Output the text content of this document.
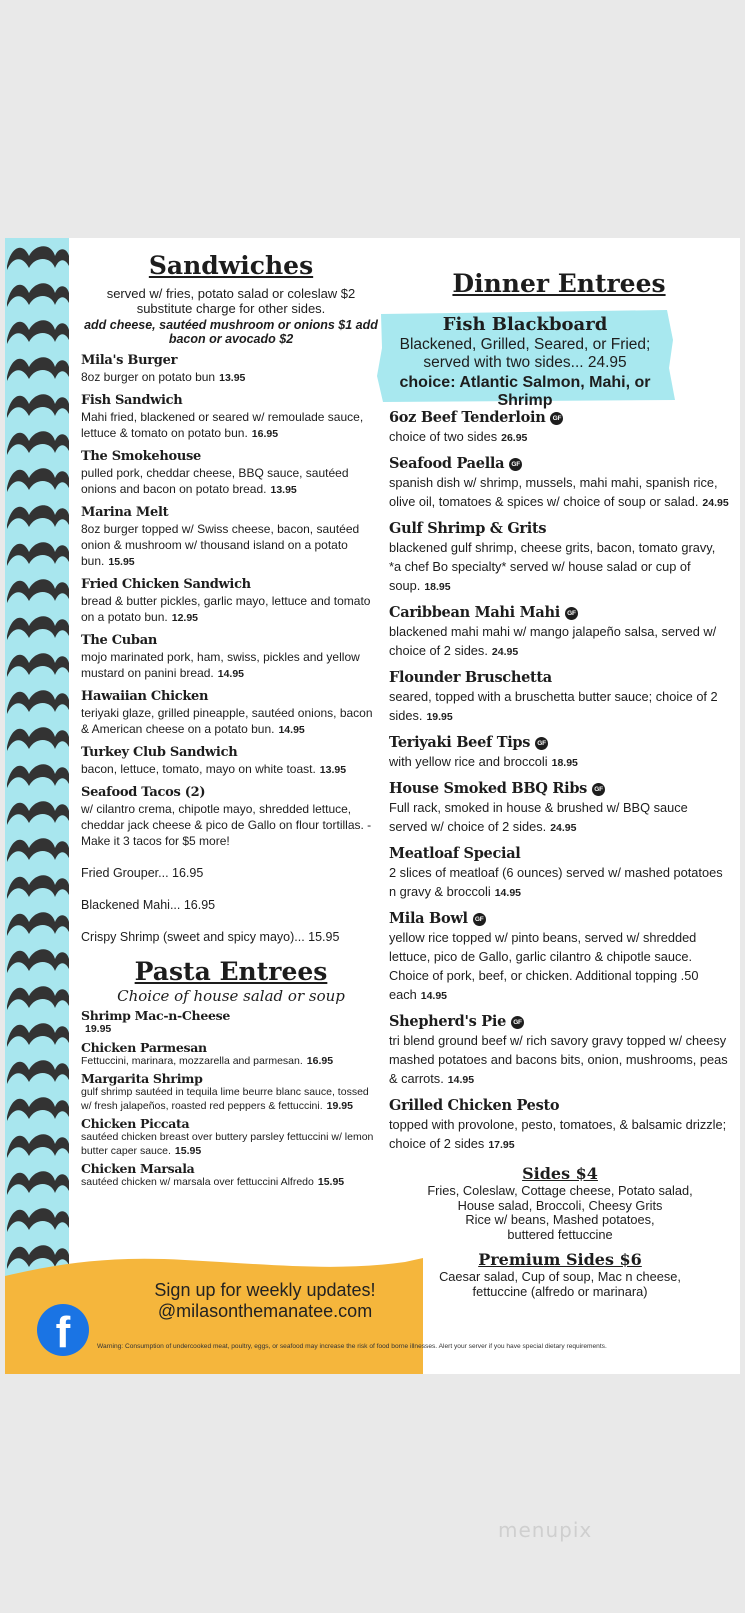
Sign up for weekly updates!
@milasonthemanatee.com
f	Warning: Consumption of undercooked meat, poultry, eggs, or seafood may increase the risk of food borne illnesses. Alert your server if you have special dietary requirements.
Sandwiches
served w/ fries, potato salad or coleslaw $2 substitute charge for other sides.
add cheese, sautéed mushroom or onions $1 add bacon or avocado $2
Mila's Burger
8oz burger on potato bun 13.95
Fish Sandwich
Mahi fried, blackened or seared w/ remoulade sauce, lettuce & tomato on potato bun. 16.95
The Smokehouse
pulled pork, cheddar cheese, BBQ sauce, sautéed onions and bacon on potato bread. 13.95
Marina Melt
8oz burger topped w/ Swiss cheese, bacon, sautéed onion & mushroom w/ thousand island on a potato bun. 15.95
Fried Chicken Sandwich
bread & butter pickles, garlic mayo, lettuce and tomato on a potato bun. 12.95
The Cuban
mojo marinated pork, ham, swiss, pickles and yellow mustard on panini bread. 14.95
Hawaiian Chicken
teriyaki glaze, grilled pineapple, sautéed onions, bacon & American cheese on a potato bun. 14.95
Turkey Club Sandwich
bacon, lettuce, tomato, mayo on white toast. 13.95
Seafood Tacos (2)
w/ cilantro crema, chipotle mayo, shredded lettuce, cheddar jack cheese & pico de Gallo on flour tortillas. -
Make it 3 tacos for $5 more!
Fried Grouper... 16.95
Blackened Mahi... 16.95
Crispy Shrimp (sweet and spicy mayo)... 15.95
Pasta Entrees
Choice of house salad or soup
Shrimp Mac-n-Cheese
19.95
Chicken Parmesan
Fettuccini, marinara, mozzarella and parmesan. 16.95
Margarita Shrimp
gulf shrimp sautéed in tequila lime beurre blanc sauce, tossed w/ fresh jalapeños, roasted red peppers & fettuccini. 19.95
Chicken Piccata
sautéed chicken breast over buttery parsley fettuccini w/ lemon butter caper sauce. 15.95
Chicken Marsala
sautéed chicken w/ marsala over fettuccini Alfredo 15.95
Dinner Entrees
Fish Blackboard
Blackened, Grilled, Seared, or Fried; served with two sides... 24.95
choice: Atlantic Salmon, Mahi, or Shrimp
6oz Beef Tenderloin GF
choice of two sides 26.95
Seafood Paella GF
spanish dish w/ shrimp, mussels, mahi mahi, spanish rice, olive oil, tomatoes & spices w/ choice of soup or salad. 24.95
Gulf Shrimp & Grits
blackened gulf shrimp, cheese grits, bacon, tomato gravy, *a chef Bo specialty* served w/ house salad or cup of soup. 18.95
Caribbean Mahi Mahi GF
blackened mahi mahi w/ mango jalapeño salsa, served w/ choice of 2 sides. 24.95
Flounder Bruschetta
seared, topped with a bruschetta butter sauce; choice of 2 sides. 19.95
Teriyaki Beef Tips GF
with yellow rice and broccoli 18.95
House Smoked BBQ Ribs GF
Full rack, smoked in house & brushed w/ BBQ sauce served w/ choice of 2 sides. 24.95
Meatloaf Special
2 slices of meatloaf (6 ounces) served w/ mashed potatoes n gravy & broccoli 14.95
Mila Bowl GF
yellow rice topped w/ pinto beans, served w/ shredded lettuce, pico de Gallo, garlic cilantro & chipotle sauce. Choice of pork, beef, or chicken. Additional topping .50 each 14.95
Shepherd's Pie GF
tri blend ground beef w/ rich savory gravy topped w/ cheesy mashed potatoes and bacons bits, onion, mushrooms, peas & carrots. 14.95
Grilled Chicken Pesto
topped with provolone, pesto, tomatoes, & balsamic drizzle; choice of 2 sides 17.95
Sides $4
Fries, Coleslaw, Cottage cheese, Potato salad,
House salad, Broccoli, Cheesy Grits
Rice w/ beans, Mashed potatoes,
buttered fettuccine
Premium Sides $6
Caesar salad, Cup of soup, Mac n cheese,
fettuccine (alfredo or marinara)
menupix
